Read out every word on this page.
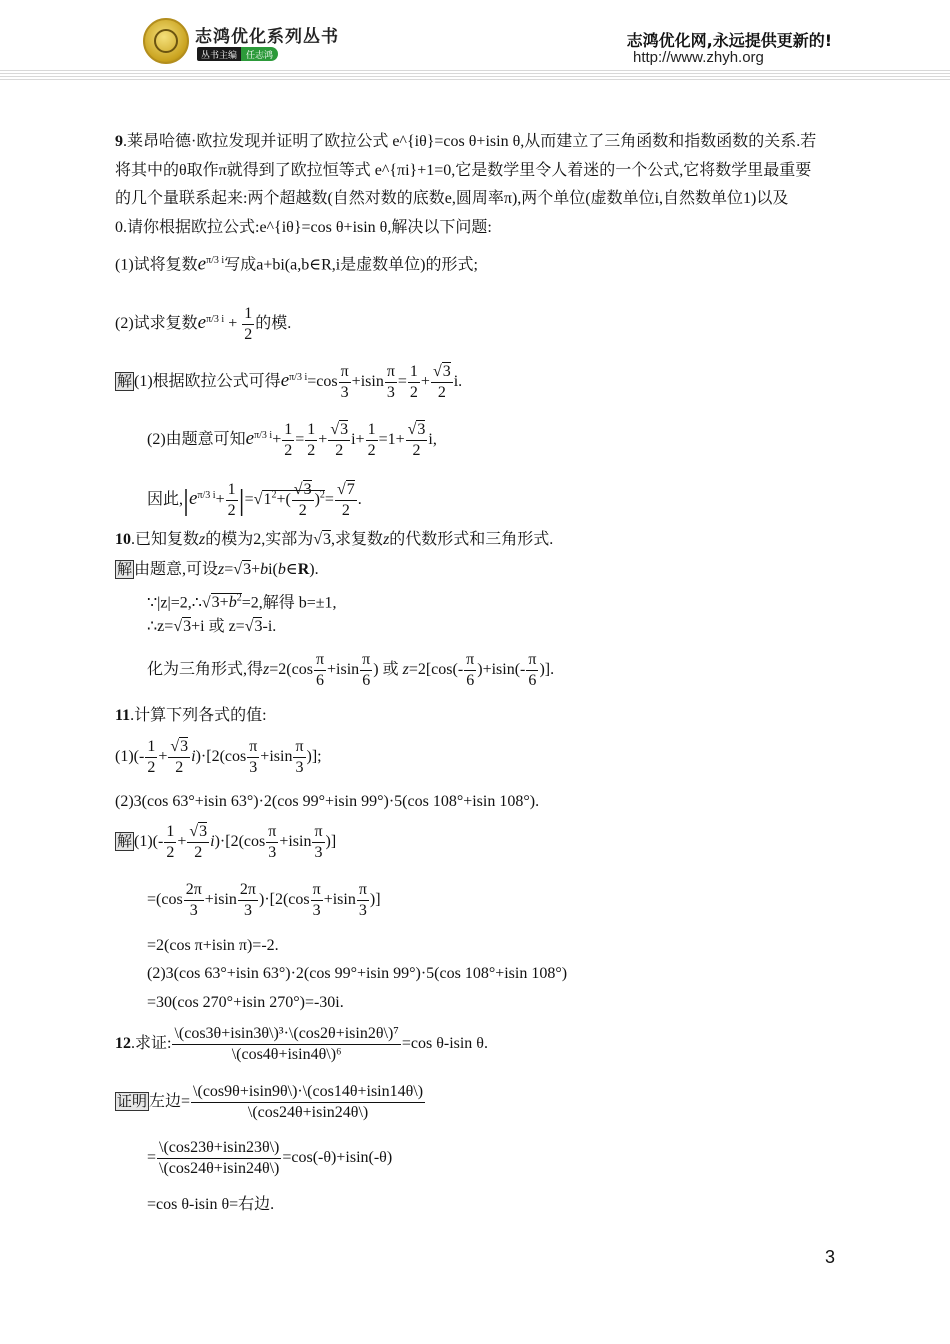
志鸿优化系列丛书
丛书主编	任志鸿
志鸿优化网,永远提供更新的!
http://www.zhyh.org
9.莱昂哈德·欧拉发现并证明了欧拉公式 e^{iθ}=cos θ+isin θ,从而建立了三角函数和指数函数的关系.若
将其中的θ取作π就得到了欧拉恒等式 e^{πi}+1=0,它是数学里令人着迷的一个公式,它将数学里最重要
的几个量联系起来:两个超越数(自然对数的底数e,圆周率π),两个单位(虚数单位i,自然数单位1)以及
0.请你根据欧拉公式:e^{iθ}=cos θ+isin θ,解决以下问题:
(1)试将复数$e^{\pi/3 i}$写成a+bi(a,b∈R,i是虚数单位)的形式;
(2)试求复数$e^{\pi/3 i} + \frac{1}{2}$ 的模.
解 (1)根据欧拉公式可得$e^{\pi/3 i}=\cos \frac{\pi}{3} +isin \frac{\pi}{3} = \frac{1}{2} + \frac{√3}{2} i$.
(2)由题意可知$e^{\pi/3 i}+ \frac{1}{2} = \frac{1}{2} + \frac{√3}{2} i+ \frac{1}{2} =1+ \frac{√3}{2} i$,
因此$,|e^{\pi/3 i}+ \frac{1}{2} |=√1^2+( \frac{√3}{2} )^2= \frac{√7}{2}$ .
10.已知复数z的模为2,实部为√3,求复数z的代数形式和三角形式.
解 由题意,可设z=√3+bi(b∈R).
$\because|z|=2,\therefore√3+b^2=2$,解得 b=±1,
∴z=√3+i 或 z=√3-i.
化为三角形式,得$z=2(\cos \frac{\pi}{6} +isin \frac{\pi}{6}$ ) 或 $z=2[\cos(- \frac{\pi}{6} )+isin(- \frac{\pi}{6}$ )].
11.计算下列各式的值:
$(1)(- \frac{1}{2} + \frac{√3}{2} i)\cdot[2(\cos \frac{\pi}{3} +isin \frac{\pi}{3}$ )];
(2)3(cos 63°+isin 63°)·2(cos 99°+isin 99°)·5(cos 108°+isin 108°).
解 $(1)(- \frac{1}{2} + \frac{√3}{2} i)\cdot[2(\cos \frac{\pi}{3} +isin \frac{\pi}{3}$ )]
$=(\cos \frac{2\pi}{3} +isin \frac{2\pi}{3} )\cdot[2(\cos \frac{\pi}{3} +isin \frac{\pi}{3}$ )]
=2(cos π+isin π)=-2.
(2)3(cos 63°+isin 63°)·2(cos 99°+isin 99°)·5(cos 108°+isin 108°)
=30(cos 270°+isin 270°)=-30i.
12.求证: $\frac{\text{\textbackslash{}(cos3θ+isin3θ\textbackslash{})³·\textbackslash{}(cos2θ+isin2θ\textbackslash{})⁷}}{\text{\textbackslash{}(cos4θ+isin4θ\textbackslash{})⁶}} =\cos$ θ-isin θ.
证明 左边= $\frac{\backslash(\cos 9\theta+isin9\theta\backslash)\cdot\backslash(\cos 14\theta+isin14\theta\backslash)}{\backslash(\cos 24\theta+isin24\theta\backslash)}$
= $\frac{\backslash(\cos 23\theta+isin23\theta\backslash)}{\backslash(\cos 24\theta+isin24\theta\backslash)} =\cos(-\theta)+isin(-\theta)$
=cos θ-isin θ=右边.
3
